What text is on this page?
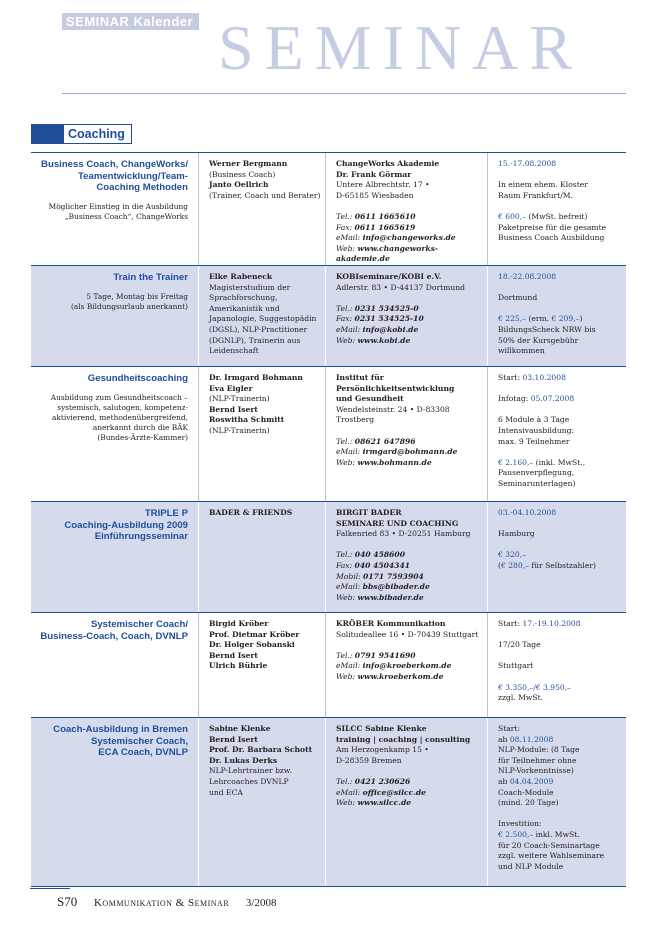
SEMINAR Kalender SEMINAR
Coaching
Business Coach, ChangeWorks/
Teamentwicklung/Team-
Coaching Methoden
Möglicher Einstieg in die Ausbildung
„Business Coach“, ChangeWorks
Werner Bergmann
(Business Coach)
Janto Oellrich
(Trainer, Coach und Berater)
ChangeWorks Akademie
Dr. Frank Görmar
Untere Albrechtstr. 17 •
D-65185 Wiesbaden
Tel.: 0611 1665610
Fax: 0611 1665619
eMail: info@changeworks.de
Web: www.changeworks-akademie.de
15.-17.08.2008
In einem ehem. Kloster
Raum Frankfurt/M.
€ 600,– (MwSt. befreit)
Paketpreise für die gesamte
Business Coach Ausbildung
Train the Trainer
5 Tage, Montag bis Freitag
(als Bildungsurlaub anerkannt)
Elke Rabeneck
Magisterstudium der
Sprachforschung,
Amerikanistik und
Japanologie, Suggestopädin
(DGSL), NLP-Practitioner
(DGNLP), Trainerin aus
Leidenschaft
KOBIseminare/KOBI e.V.
Adlerstr. 83 • D-44137 Dortmund
Tel.: 0231 534525-0
Fax: 0231 534525-10
eMail: info@kobi.de
Web: www.kobi.de
18.-22.08.2008
Dortmund
€ 225,– (erm. € 209,–)
BildungsScheck NRW bis
50% der Kursgebühr
willkommen
Gesundheitscoaching
Ausbildung zum Gesundheitscoach –
systemisch, salutogen, kompetenz-
aktivierend, methodenübergreifend,
anerkannt durch die BÄK
(Bundes-Ärzte-Kammer)
Dr. Irmgard Bohmann
Eva Eigler
(NLP-Trainerin)
Bernd Isert
Roswitha Schmitt
(NLP-Trainerin)
Institut für Persönlichkeitsentwicklung
und Gesundheit
Wendelsteinstr. 24 • D-83308 Trostberg
Tel.: 08621 647896
eMail: irmgard@bohmann.de
Web: www.bohmann.de
Start: 03.10.2008
Infotag: 05.07.2008
6 Module à 3 Tage
Intensivausbildung:
max. 9 Teilnehmer
€ 2.160,– (inkl. MwSt.,
Pausenverpflegung,
Seminarunterlagen)
TRIPLE P
Coaching-Ausbildung 2009
Einführungsseminar
BADER & FRIENDS	BIRGIT BADER
SEMINARE UND COACHING
Falkenried 83 • D-20251 Hamburg
Tel.: 040 458600
Fax: 040 4504341
Mobil: 0171 7593904
eMail: bbs@bibader.de
Web: www.bibader.de
03.-04.10.2008
Hamburg
€ 320,–
(€ 280,– für Selbstzahler)
Systemischer Coach/
Business-Coach, Coach, DVNLP
Birgid Kröber
Prof. Dietmar Kröber
Dr. Holger Sobanski
Bernd Isert
Ulrich Bührle
KRÖBER Kommunikation
Solitudeallee 16 • D-70439 Stuttgart
Tel.: 0791 9541690
eMail: info@kroeberkom.de
Web: www.kroeberkom.de
Start: 17.-19.10.2008
17/20 Tage
Stuttgart
€ 3.350,–/€ 3.950,–
zzgl. MwSt.
Coach-Ausbildung in Bremen
Systemischer Coach,
ECA Coach, DVNLP
Sabine Klenke
Bernd Isert
Prof. Dr. Barbara Schott
Dr. Lukas Derks
NLP-Lehrtrainer bzw.
Lehrcoaches DVNLP
und ECA
SILCC Sabine Klenke
training | coaching | consulting
Am Herzogenkamp 15 •
D-28359 Bremen
Tel.: 0421 230626
eMail: office@silcc.de
Web: www.silcc.de
Start:
ab 08.11.2008
NLP-Module: (8 Tage
für Teilnehmer ohne
NLP-Vorkenntnisse)
ab 04.04.2009
Coach-Module
(mind. 20 Tage)
Investition:
€ 2.500,– inkl. MwSt.
für 20 Coach-Seminartage
zzgl. weitere Wahlseminare
und NLP Module
S70 Kommunikation & Seminar 3/2008
